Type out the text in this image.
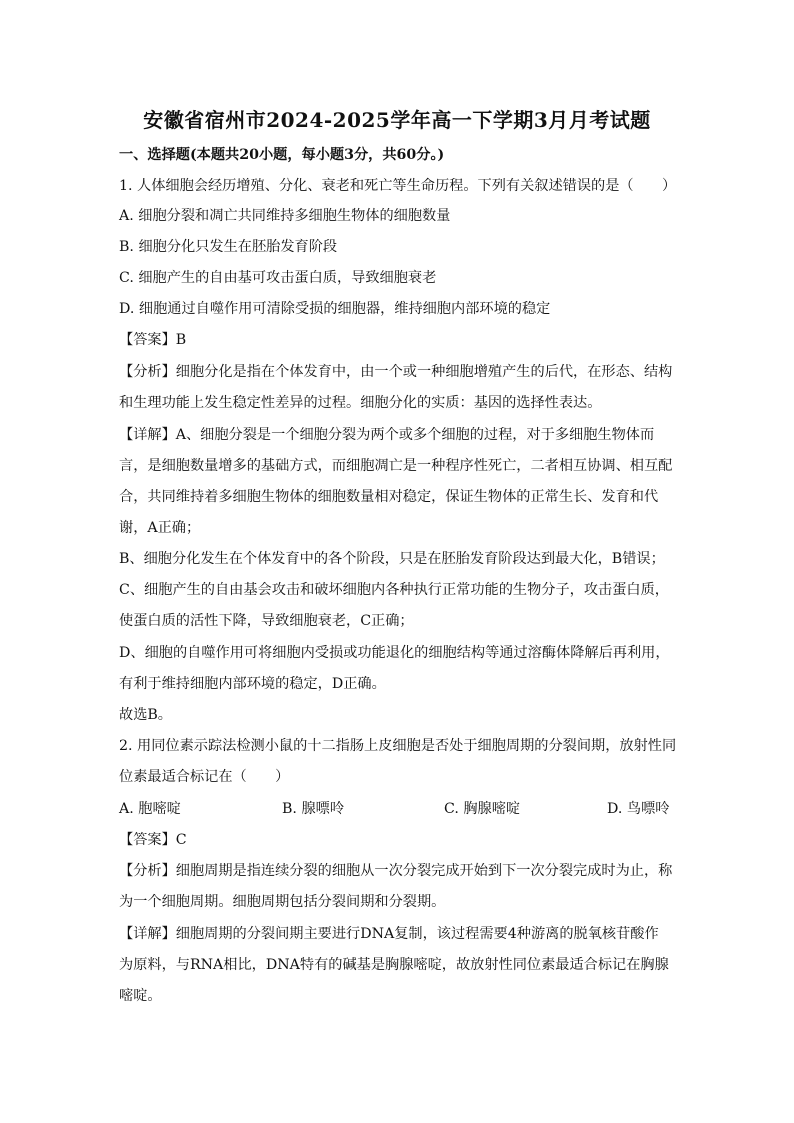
安徽省宿州市2024-2025学年高一下学期3月月考试题
一、选择题(本题共20小题，每小题3分，共60分。)
1. 人体细胞会经历增殖、分化、衰老和死亡等生命历程。下列有关叙述错误的是（　　）
A. 细胞分裂和凋亡共同维持多细胞生物体的细胞数量
B. 细胞分化只发生在胚胎发育阶段
C. 细胞产生的自由基可攻击蛋白质，导致细胞衰老
D. 细胞通过自噬作用可清除受损的细胞器，维持细胞内部环境的稳定
【答案】B
【分析】细胞分化是指在个体发育中，由一个或一种细胞增殖产生的后代，在形态、结构
和生理功能上发生稳定性差异的过程。细胞分化的实质：基因的选择性表达。
【详解】A、细胞分裂是一个细胞分裂为两个或多个细胞的过程，对于多细胞生物体而
言，是细胞数量增多的基础方式，而细胞凋亡是一种程序性死亡，二者相互协调、相互配
合，共同维持着多细胞生物体的细胞数量相对稳定，保证生物体的正常生长、发育和代
谢，A正确；
B、细胞分化发生在个体发育中的各个阶段，只是在胚胎发育阶段达到最大化，B错误；
C、细胞产生的自由基会攻击和破坏细胞内各种执行正常功能的生物分子，攻击蛋白质，
使蛋白质的活性下降，导致细胞衰老，C正确；
D、细胞的自噬作用可将细胞内受损或功能退化的细胞结构等通过溶酶体降解后再利用，
有利于维持细胞内部环境的稳定，D正确。
故选B。
2. 用同位素示踪法检测小鼠的十二指肠上皮细胞是否处于细胞周期的分裂间期，放射性同
位素最适合标记在（　　）
A. 胞嘧啶	B. 腺嘌呤	C. 胸腺嘧啶	D. 鸟嘌呤
【答案】C
【分析】细胞周期是指连续分裂的细胞从一次分裂完成开始到下一次分裂完成时为止，称
为一个细胞周期。细胞周期包括分裂间期和分裂期。
【详解】细胞周期的分裂间期主要进行DNA复制，该过程需要4种游离的脱氧核苷酸作
为原料，与RNA相比，DNA特有的碱基是胸腺嘧啶，故放射性同位素最适合标记在胸腺
嘧啶。
